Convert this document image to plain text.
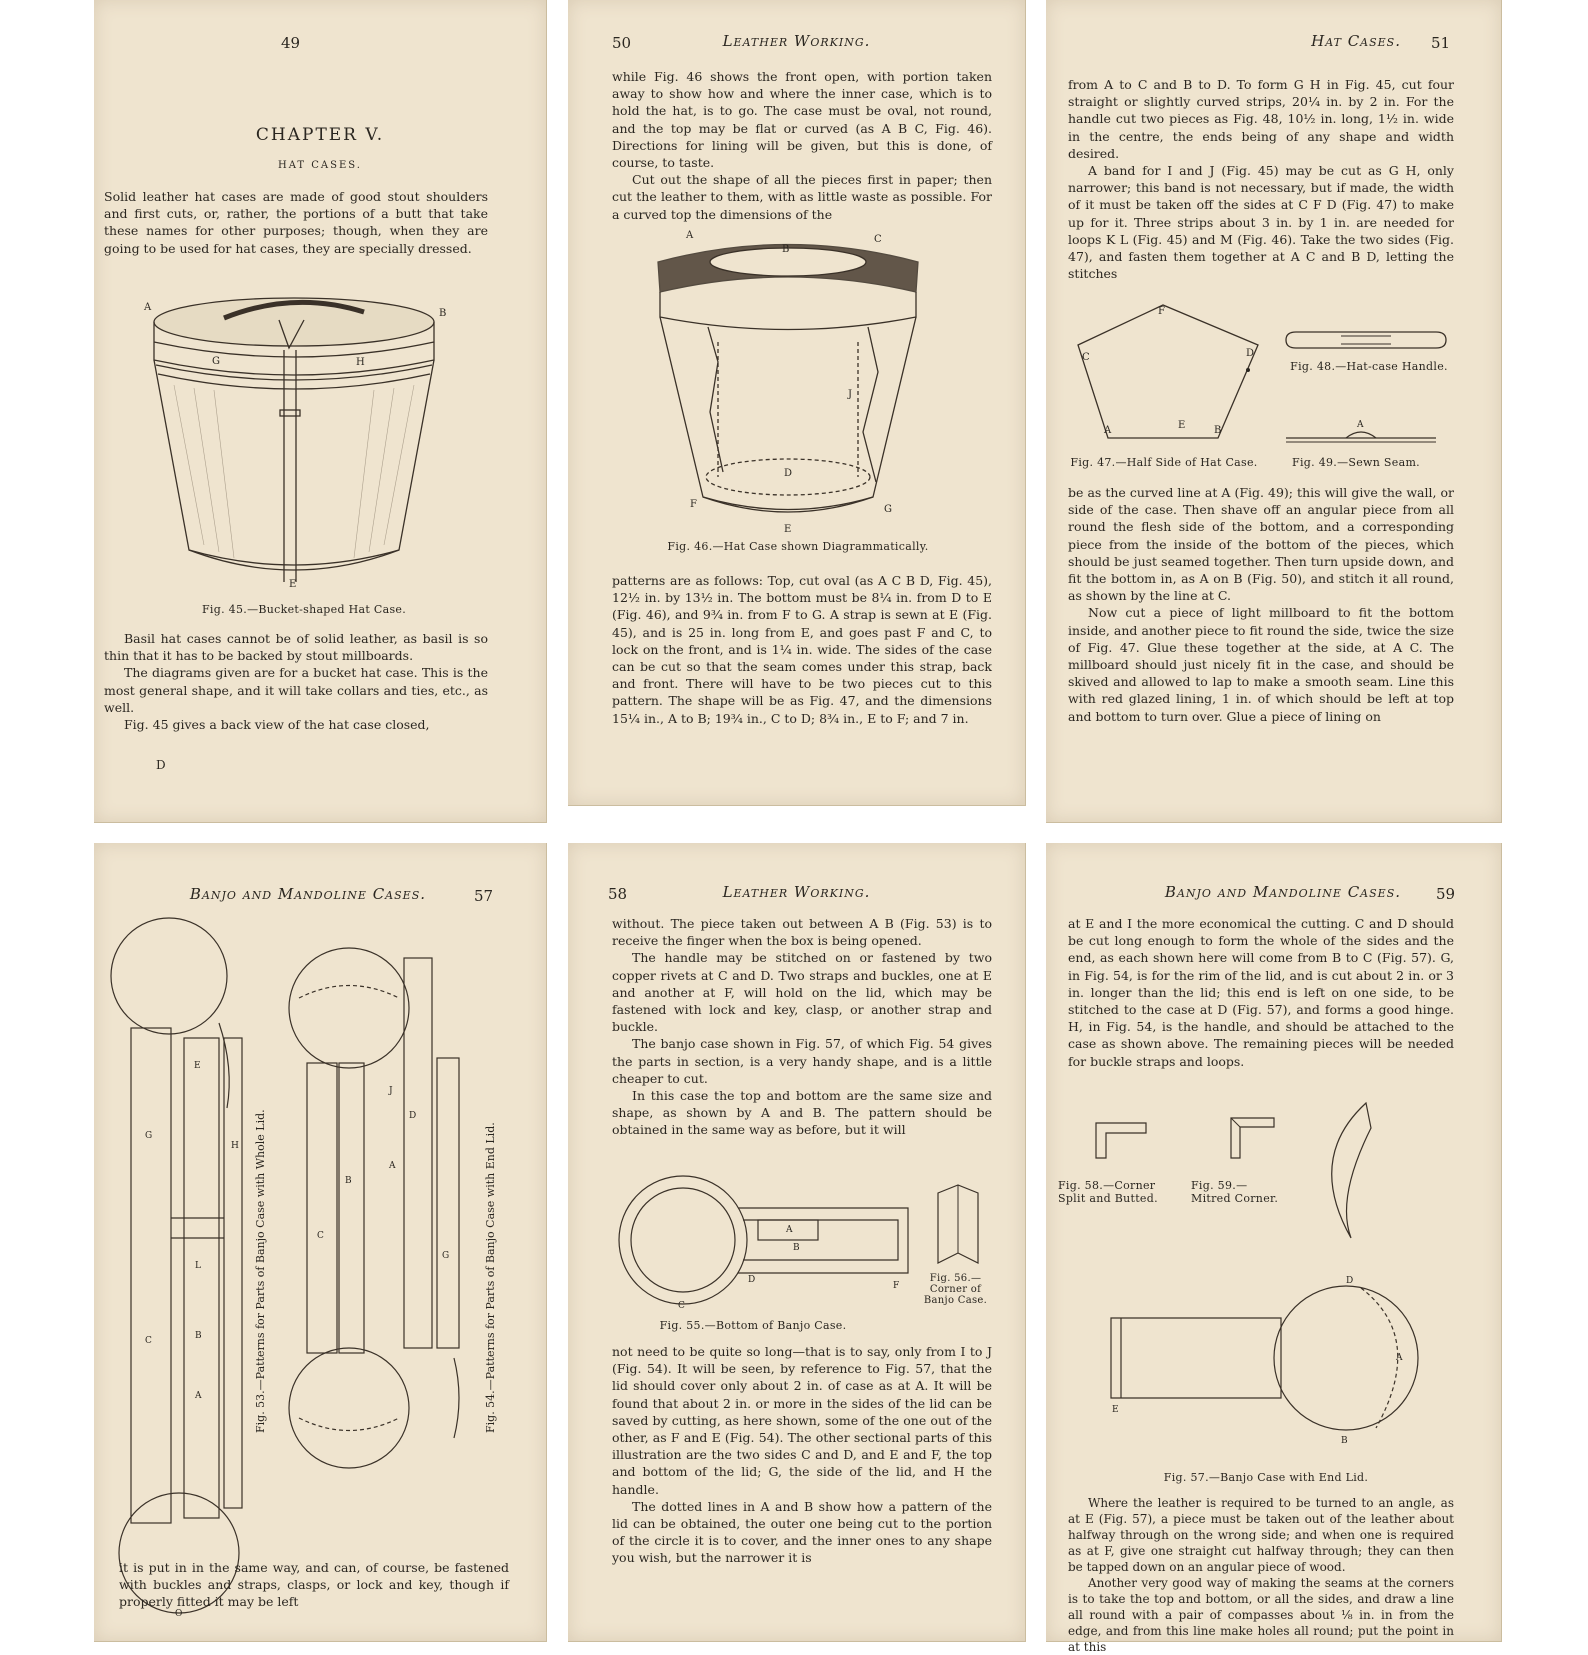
49
CHAPTER V.
HAT CASES.

Solid leather hat cases are made of good stout shoulders and first cuts, or, rather, the portions of a butt that take these names for other purposes; though, when they are going to be used for hat cases, they are specially dressed.

A
B
G	H
E
Fig. 45.—Bucket-shaped Hat Case.

Basil hat cases cannot be of solid leather, as basil is so thin that it has to be backed by stout millboards.

The diagrams given are for a bucket hat case. This is the most general shape, and it will take collars and ties, etc., as well.

Fig. 45 gives a back view of the hat case closed,

D
50	Leather Working.

while Fig. 46 shows the front open, with portion taken away to show how and where the inner case, which is to hold the hat, is to go. The case must be oval, not round, and the top may be flat or curved (as A B C, Fig. 46). Directions for lining will be given, but this is done, of course, to taste.

Cut out the shape of all the pieces first in paper; then cut the leather to them, with as little waste as possible. For a curved top the dimensions of the

A
B
C
D
E
F	G
J
Fig. 46.—Hat Case shown Diagrammatically.

patterns are as follows: Top, cut oval (as A C B D, Fig. 45), 12½ in. by 13½ in. The bottom must be 8¼ in. from D to E (Fig. 46), and 9¾ in. from F to G. A strap is sewn at E (Fig. 45), and is 25 in. long from E, and goes past F and C, to lock on the front, and is 1¼ in. wide. The sides of the case can be cut so that the seam comes under this strap, back and front. There will have to be two pieces cut to this pattern. The shape will be as Fig. 47, and the dimensions 15¼ in., A to B; 19¾ in., C to D; 8¾ in., E to F; and 7 in.

Hat Cases. 51

from A to C and B to D. To form G H in Fig. 45, cut four straight or slightly curved strips, 20¼ in. by 2 in. For the handle cut two pieces as Fig. 48, 10½ in. long, 1½ in. wide in the centre, the ends being of any shape and width desired.

A band for I and J (Fig. 45) may be cut as G H, only narrower; this band is not necessary, but if made, the width of it must be taken off the sides at C F D (Fig. 47) to make up for it. Three strips about 3 in. by 1 in. are needed for loops K L (Fig. 45) and M (Fig. 46). Take the two sides (Fig. 47), and fasten them together at A C and B D, letting the stitches

C	D
F
A	E	B
Fig. 48.—Hat-case Handle.
A
Fig. 47.—Half Side of Hat Case.	Fig. 49.—Sewn Seam.

be as the curved line at A (Fig. 49); this will give the wall, or side of the case. Then shave off an angular piece from all round the flesh side of the bottom, and a corresponding piece from the inside of the bottom of the pieces, which should be just seamed together. Then turn upside down, and fit the bottom in, as A on B (Fig. 50), and stitch it all round, as shown by the line at C.

Now cut a piece of light millboard to fit the bottom inside, and another piece to fit round the side, twice the size of Fig. 47. Glue these together at the side, at A C. The millboard should just nicely fit in the case, and should be skived and allowed to lap to make a smooth seam. Line this with red glazed lining, 1 in. of which should be left at top and bottom to turn over. Glue a piece of lining on

Banjo and Mandoline Cases.	57
G
E
C	B
H
L
A
O
Fig. 53.—Patterns for Parts of Banjo Case with Whole Lid.	C
B
A
D
G
J
Fig. 54.—Patterns for Parts of Banjo Case with End Lid.

it is put in in the same way, and can, of course, be fastened with buckles and straps, clasps, or lock and key, though if properly fitted it may be left

58	Leather Working.

without. The piece taken out between A B (Fig. 53) is to receive the finger when the box is being opened.

The handle may be stitched on or fastened by two copper rivets at C and D. Two straps and buckles, one at E and another at F, will hold on the lid, which may be fastened with lock and key, clasp, or another strap and buckle.

The banjo case shown in Fig. 57, of which Fig. 54 gives the parts in section, is a very handy shape, and is a little cheaper to cut.

In this case the top and bottom are the same size and shape, as shown by A and B. The pattern should be obtained in the same way as before, but it will

A
B
D
F
C
Fig. 56.—Corner of Banjo Case.
Fig. 55.—Bottom of Banjo Case.

not need to be quite so long—that is to say, only from I to J (Fig. 54). It will be seen, by reference to Fig. 57, that the lid should cover only about 2 in. of case as at A. It will be found that about 2 in. or more in the sides of the lid can be saved by cutting, as here shown, some of the one out of the other, as F and E (Fig. 54). The other sectional parts of this illustration are the two sides C and D, and E and F, the top and bottom of the lid; G, the side of the lid, and H the handle.

The dotted lines in A and B show how a pattern of the lid can be obtained, the outer one being cut to the portion of the circle it is to cover, and the inner ones to any shape you wish, but the narrower it is

Banjo and Mandoline Cases. 59

at E and I the more economical the cutting. C and D should be cut long enough to form the whole of the sides and the end, as each shown here will come from B to C (Fig. 57). G, in Fig. 54, is for the rim of the lid, and is cut about 2 in. or 3 in. longer than the lid; this end is left on one side, to be stitched to the case at D (Fig. 57), and forms a good hinge. H, in Fig. 54, is the handle, and should be attached to the case as shown above. The remaining pieces will be needed for buckle straps and loops.

Fig. 58.—Corner Split and Butted.
Fig. 59.—Mitred Corner.
D
A
B
E
Fig. 57.—Banjo Case with End Lid.

Where the leather is required to be turned to an angle, as at E (Fig. 57), a piece must be taken out of the leather about halfway through on the wrong side; and when one is required as at F, give one straight cut halfway through; they can then be tapped down on an angular piece of wood.

Another very good way of making the seams at the corners is to take the top and bottom, or all the sides, and draw a line all round with a pair of compasses about ⅛ in. in from the edge, and from this line make holes all round; put the point in at this
